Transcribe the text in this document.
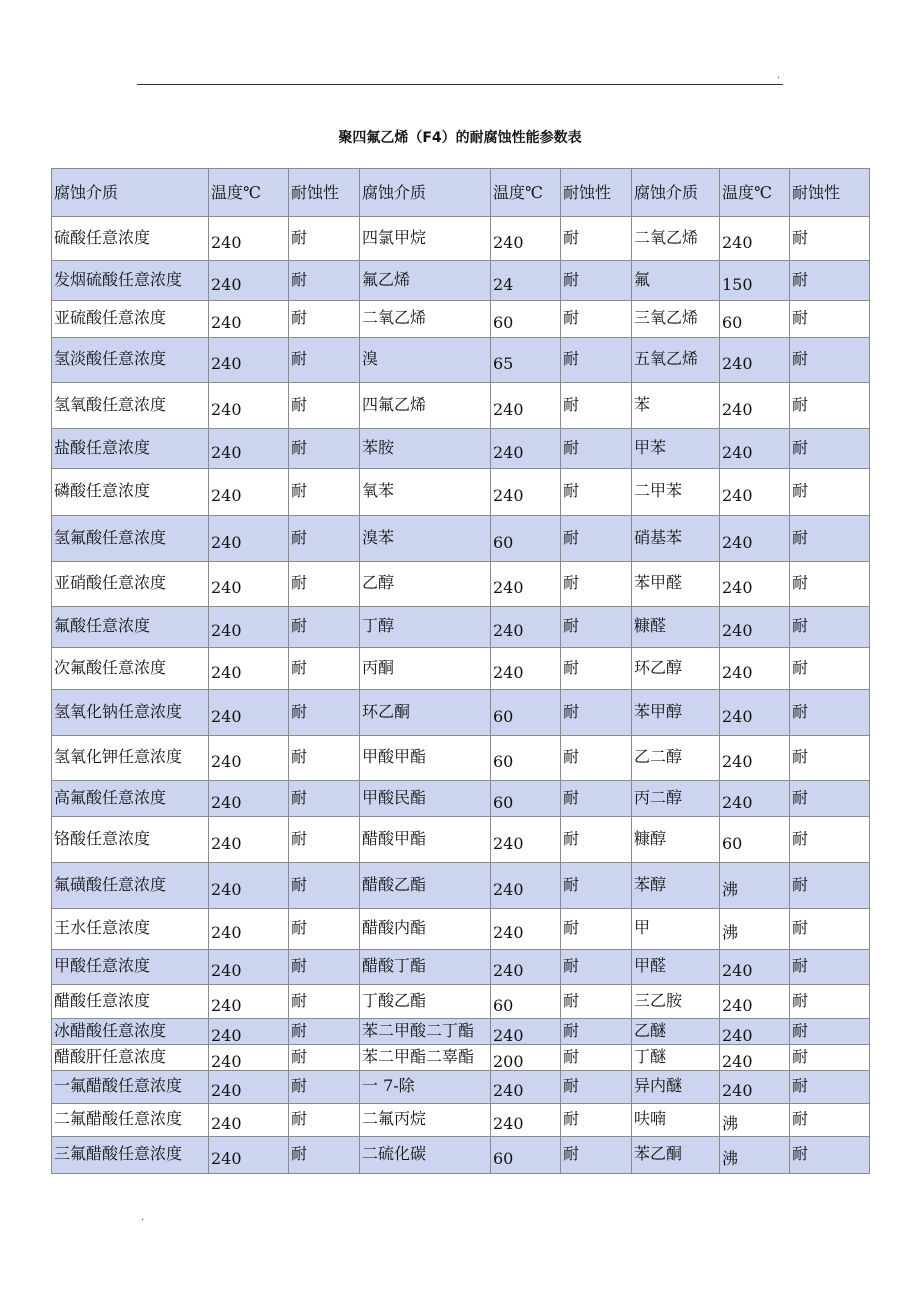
.
聚四氟乙烯（F4）的耐腐蚀性能参数表
腐蚀介质	温度℃	耐蚀性	腐蚀介质	温度℃	耐蚀性	腐蚀介质	温度℃	耐蚀性
硫酸任意浓度	240	耐	四氯甲烷	240	耐	二氧乙烯	240	耐
发烟硫酸任意浓度	240	耐	氟乙烯	24	耐	氟	150	耐
亚硫酸任意浓度	240	耐	二氧乙烯	60	耐	三氧乙烯	60	耐
氢淡酸任意浓度	240	耐	溴	65	耐	五氧乙烯	240	耐
氢氧酸任意浓度	240	耐	四氟乙烯	240	耐	苯	240	耐
盐酸任意浓度	240	耐	苯胺	240	耐	甲苯	240	耐
磷酸任意浓度	240	耐	氧苯	240	耐	二甲苯	240	耐
氢氟酸任意浓度	240	耐	溴苯	60	耐	硝基苯	240	耐
亚硝酸任意浓度	240	耐	乙醇	240	耐	苯甲醛	240	耐
氟酸任意浓度	240	耐	丁醇	240	耐	糠醛	240	耐
次氟酸任意浓度	240	耐	丙酮	240	耐	环乙醇	240	耐
氢氧化钠任意浓度	240	耐	环乙酮	60	耐	苯甲醇	240	耐
氢氧化钾任意浓度	240	耐	甲酸甲酯	60	耐	乙二醇	240	耐
高氟酸任意浓度	240	耐	甲酸民酯	60	耐	丙二醇	240	耐
铬酸任意浓度	240	耐	醋酸甲酯	240	耐	糠醇	60	耐
氟磺酸任意浓度	240	耐	醋酸乙酯	240	耐	苯醇	沸	耐
王水任意浓度	240	耐	醋酸内酯	240	耐	甲	沸	耐
甲酸任意浓度	240	耐	醋酸丁酯	240	耐	甲醛	240	耐
醋酸任意浓度	240	耐	丁酸乙酯	60	耐	三乙胺	240	耐
冰醋酸任意浓度	240	耐	苯二甲酸二丁酯	240	耐	乙醚	240	耐
醋酸肝任意浓度	240	耐	苯二甲酯二辜酯	200	耐	丁醚	240	耐
一氟醋酸任意浓度	240	耐	一 7-除	240	耐	异内醚	240	耐
二氟醋酸任意浓度	240	耐	二氟丙烷	240	耐	呋喃	沸	耐
三氟醋酸任意浓度	240	耐	二硫化碳	60	耐	苯乙酮	沸	耐
.
